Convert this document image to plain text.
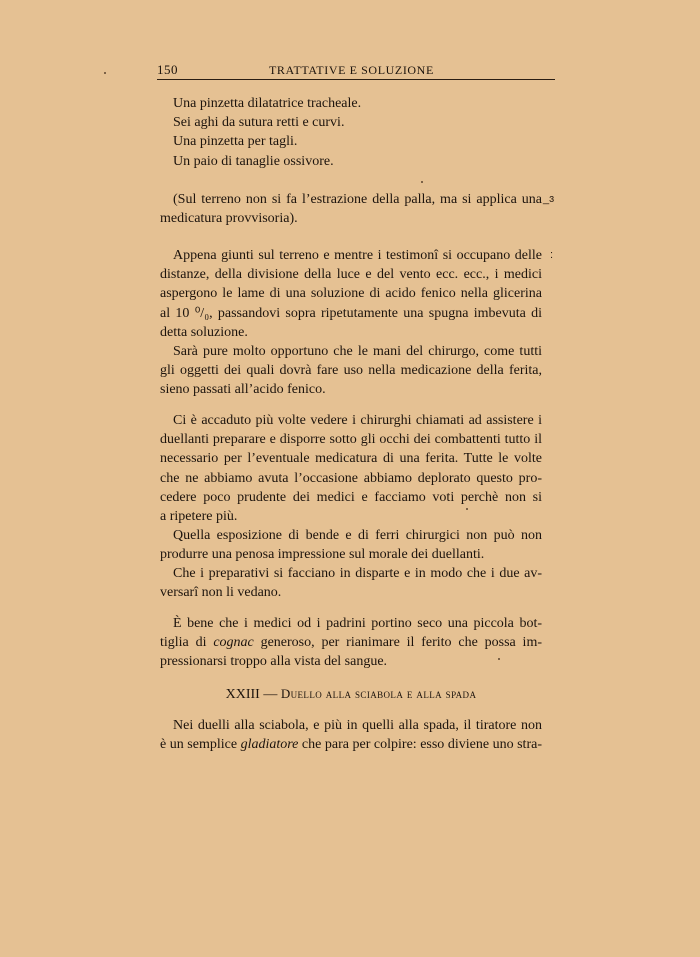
150	TRATTATIVE E SOLUZIONE
Una pinzetta dilatatrice tracheale.
Sei aghi da sutura retti e curvi.
Una pinzetta per tagli.
Un paio di tanaglie ossivore.
(Sul terreno non si fa l’estrazione della palla, ma si applica una
medicatura provvisoria).
Appena giunti sul terreno e mentre i testimonî si occupano delle
distanze, della divisione della luce e del vento ecc. ecc., i medici
aspergono le lame di una soluzione di acido fenico nella glicerina
al 10 ⁰/₀, passandovi sopra ripetutamente una spugna imbevuta di
detta soluzione.
Sarà pure molto opportuno che le mani del chirurgo, come tutti
gli oggetti dei quali dovrà fare uso nella medicazione della ferita,
sieno passati all’acido fenico.
Ci è accaduto più volte vedere i chirurghi chiamati ad assistere i
duellanti preparare e disporre sotto gli occhi dei combattenti tutto il
necessario per l’eventuale medicatura di una ferita. Tutte le volte
che ne abbiamo avuta l’occasione abbiamo deplorato questo pro-
cedere poco prudente dei medici e facciamo voti perchè non si
a ripetere più.
Quella esposizione di bende e di ferri chirurgici non può non
produrre una penosa impressione sul morale dei duellanti.
Che i preparativi si facciano in disparte e in modo che i due av-
versarî non li vedano.
È bene che i medici od i padrini portino seco una piccola bot-
tiglia di cognac generoso, per rianimare il ferito che possa im-
pressionarsi troppo alla vista del sangue.
XXIII — Duello alla sciabola e alla spada
Nei duelli alla sciabola, e più in quelli alla spada, il tiratore non
è un semplice gladiatore che para per colpire: esso diviene uno stra-
_ɜ
:
